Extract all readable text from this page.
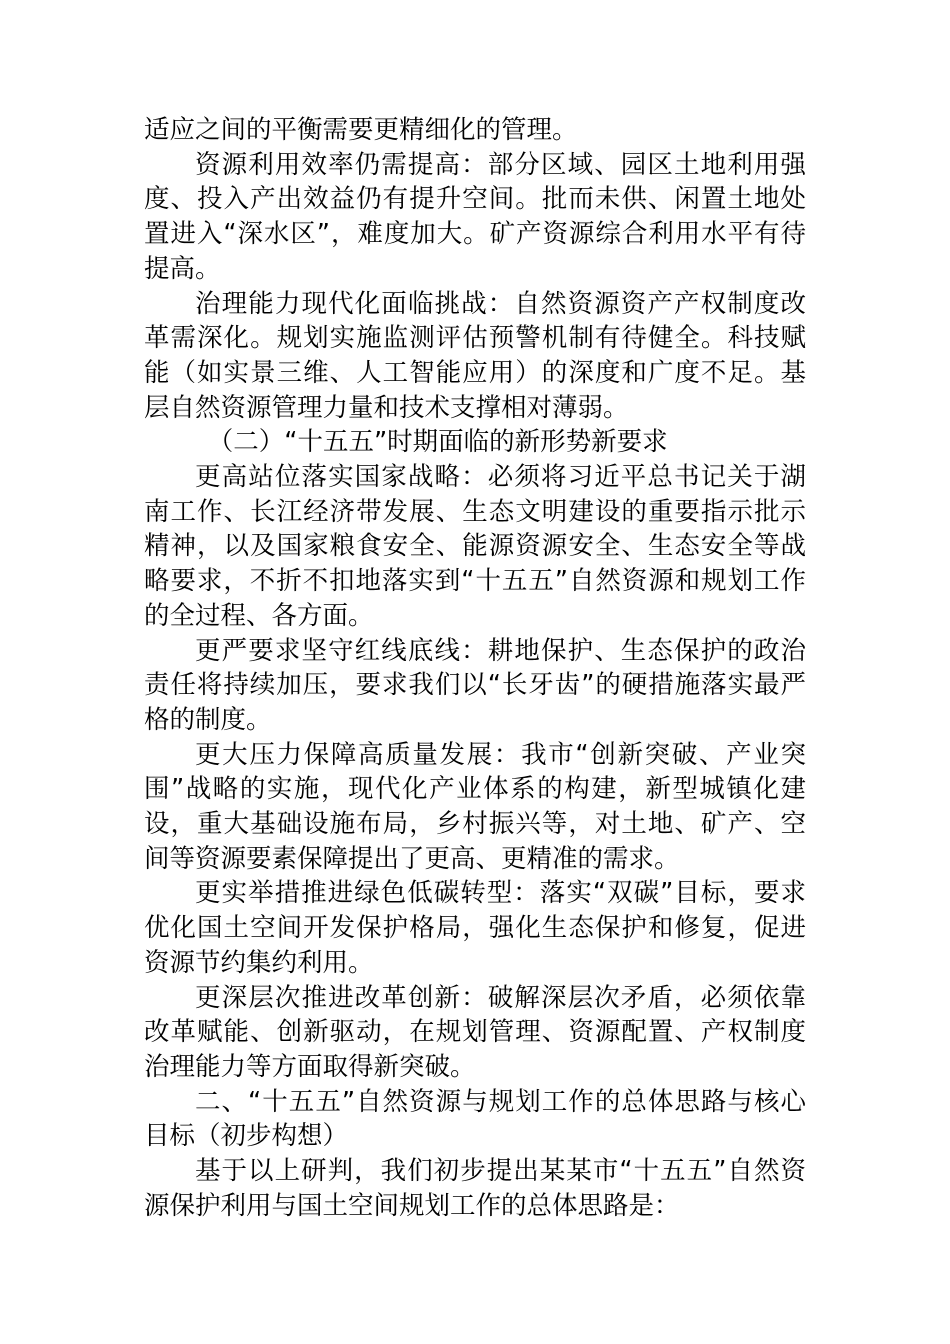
适应之间的平衡需要更精细化的管理。

资源利用效率仍需提高：部分区域、园区土地利用强度、投入产出效益仍有提升空间。批而未供、闲置土地处置进入“深水区”，难度加大。矿产资源综合利用水平有待提高。

治理能力现代化面临挑战：自然资源资产产权制度改革需深化。规划实施监测评估预警机制有待健全。科技赋能（如实景三维、人工智能应用）的深度和广度不足。基层自然资源管理力量和技术支撑相对薄弱。

（二）“十五五”时期面临的新形势新要求

更高站位落实国家战略：必须将习近平总书记关于湖南工作、长江经济带发展、生态文明建设的重要指示批示精神，以及国家粮食安全、能源资源安全、生态安全等战略要求，不折不扣地落实到“十五五”自然资源和规划工作的全过程、各方面。

更严要求坚守红线底线：耕地保护、生态保护的政治责任将持续加压，要求我们以“长牙齿”的硬措施落实最严格的制度。

更大压力保障高质量发展：我市“创新突破、产业突围”战略的实施，现代化产业体系的构建，新型城镇化建设，重大基础设施布局，乡村振兴等，对土地、矿产、空间等资源要素保障提出了更高、更精准的需求。

更实举措推进绿色低碳转型：落实“双碳”目标，要求优化国土空间开发保护格局，强化生态保护和修复，促进资源节约集约利用。

更深层次推进改革创新：破解深层次矛盾，必须依靠改革赋能、创新驱动，在规划管理、资源配置、产权制度治理能力等方面取得新突破。

二、“十五五”自然资源与规划工作的总体思路与核心目标（初步构想）

基于以上研判，我们初步提出某某市“十五五”自然资源保护利用与国土空间规划工作的总体思路是：
